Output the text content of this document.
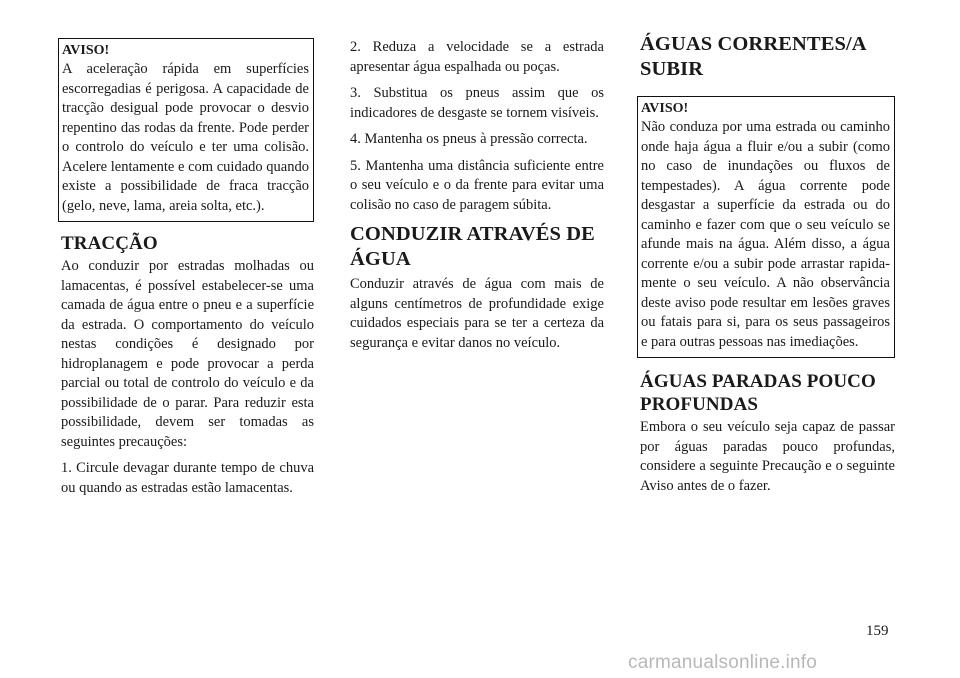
AVISO!

A aceleração rápida em superfícies escorregadias é perigosa. A capacidade de tracção desigual pode provocar o desvio repentino das rodas da frente. Pode perder o controlo do veículo e ter uma colisão. Acelere lentamente e com cuidado quando existe a possibilidade de fraca tracção (gelo, neve, lama, areia solta, etc.).

TRACÇÃO

Ao conduzir por estradas molhadas ou lamacentas, é possível estabelecer-se uma camada de água entre o pneu e a superfície da estrada. O comportamento do veículo nestas condições é designado por hidroplanagem e pode provocar a perda parcial ou total de controlo do veículo e da possibilidade de o parar. Para reduzir esta possibilidade, devem ser tomadas as seguintes precauções:

1. Circule devagar durante tempo de chuva ou quando as estradas estão lamacentas.

2. Reduza a velocidade se a estrada apresentar água espalhada ou poças.

3. Substitua os pneus assim que os indicadores de desgaste se tornem visíveis.

4. Mantenha os pneus à pressão correcta.

5. Mantenha uma distância suficiente entre o seu veículo e o da frente para evitar uma colisão no caso de paragem súbita.

CONDUZIR ATRAVÉS DE ÁGUA

Conduzir através de água com mais de alguns centímetros de profundidade exige cuidados especiais para se ter a certeza da segurança e evitar danos no veículo.

ÁGUAS CORRENTES/A SUBIR
AVISO!

Não conduza por uma estrada ou caminho onde haja água a fluir e/ou a subir (como no caso de inundações ou fluxos de tempestades). A água corrente pode desgastar a superfície da estrada ou do caminho e fazer com que o seu veículo se afunde mais na água. Além disso, a água corrente e/ou a subir pode arrastar rapidamente o seu veículo. A não observância deste aviso pode resultar em lesões graves ou fatais para si, para os seus passageiros e para outras pessoas nas imediações.

ÁGUAS PARADAS POUCO PROFUNDAS

Embora o seu veículo seja capaz de passar por águas paradas pouco profundas, considere a seguinte Precaução e o seguinte Aviso antes de o fazer.

159
carmanualsonline.info
